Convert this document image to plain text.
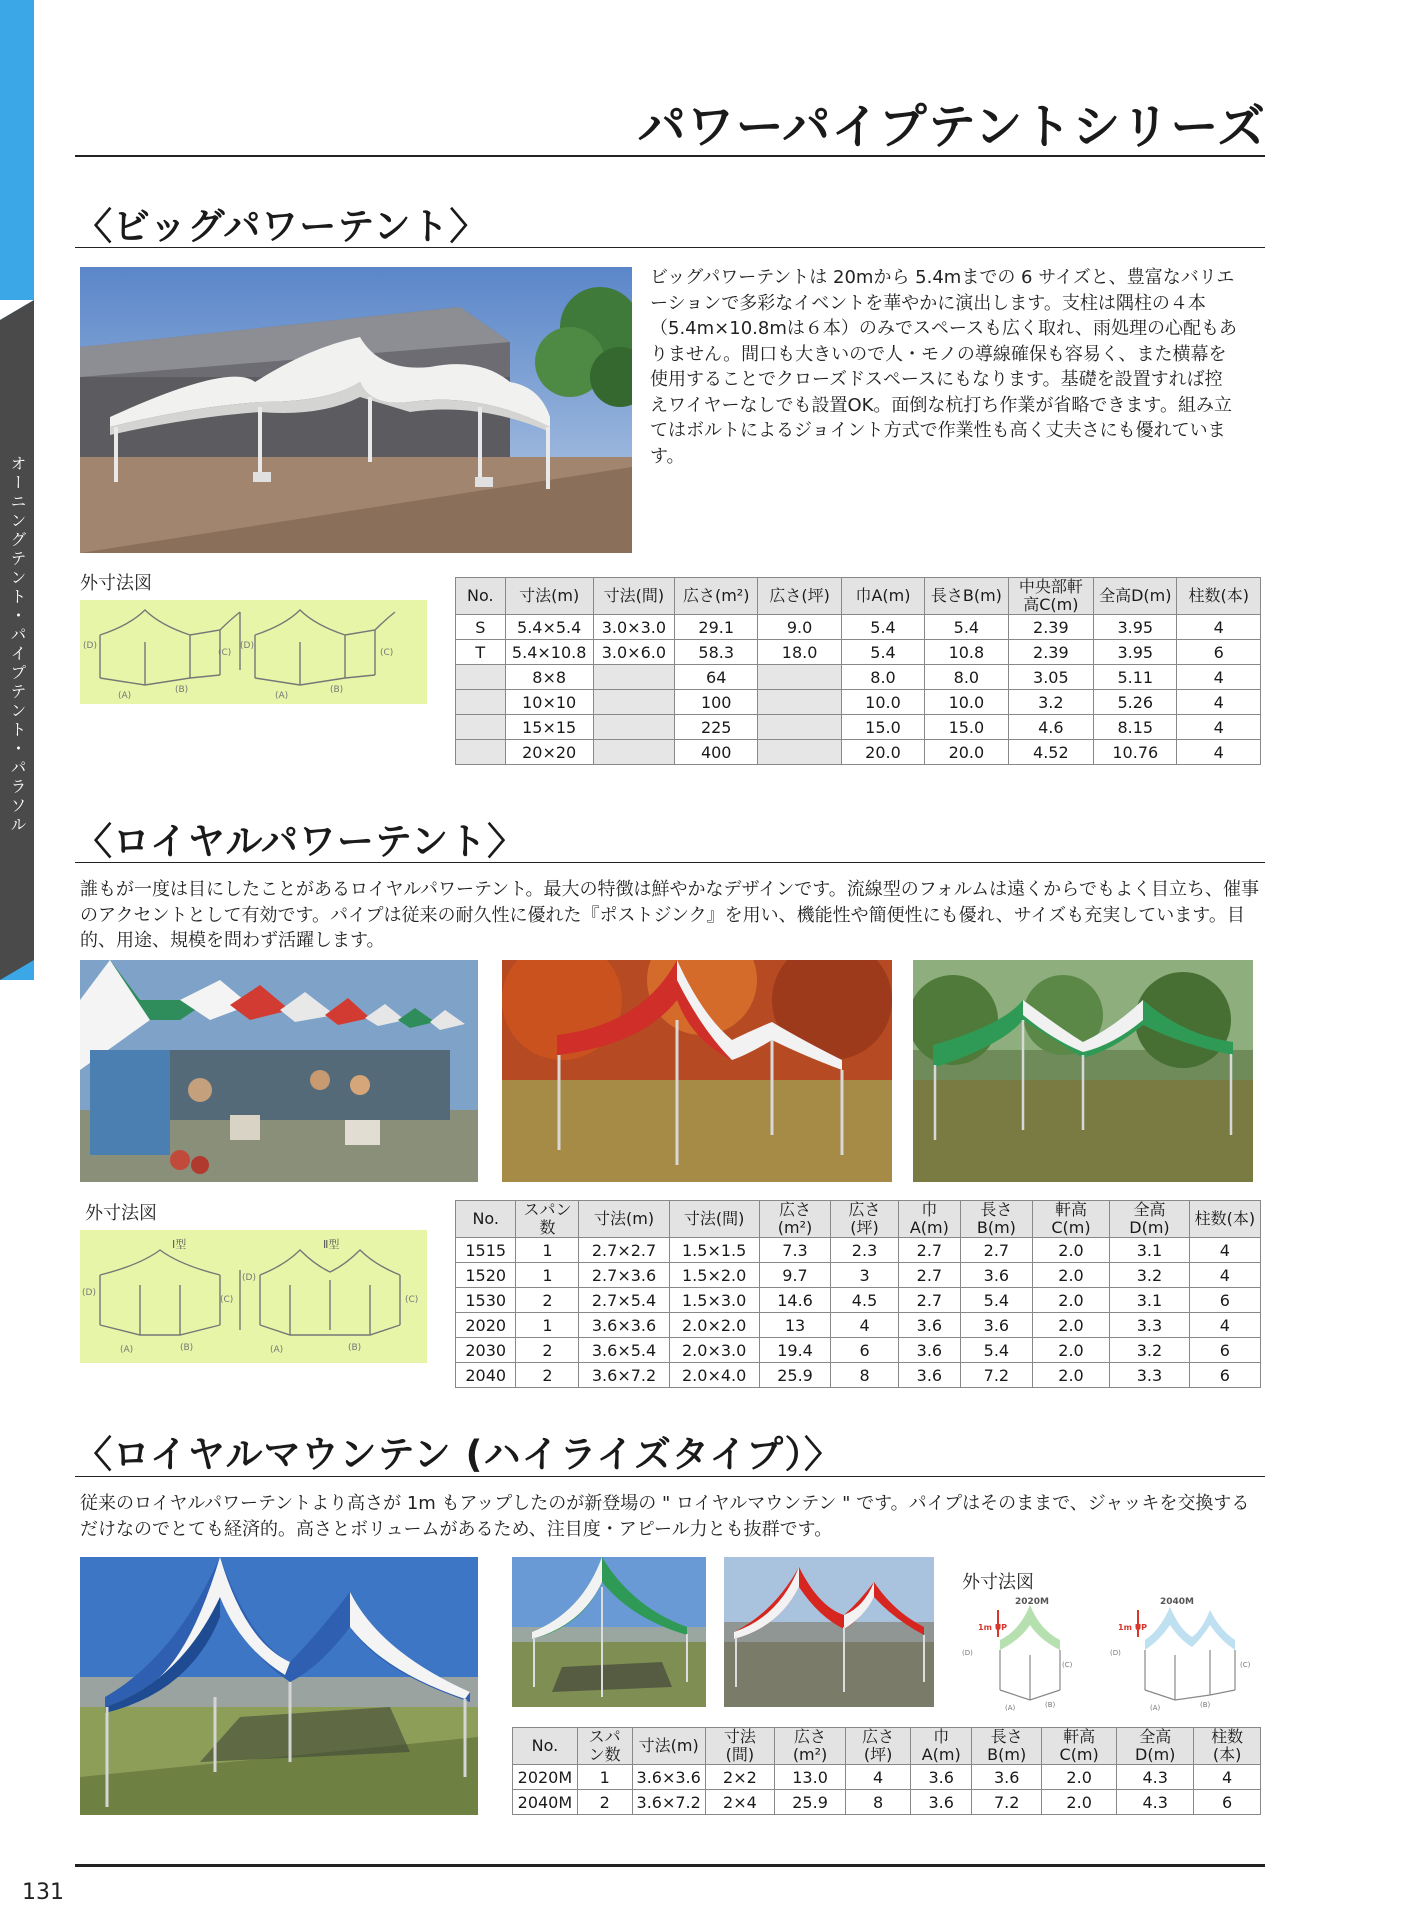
オーニングテント・パイプテント・パラソル
パワーパイプテントシリーズ
〈ビッグパワーテント〉
ビッグパワーテントは 20mから 5.4mまでの 6 サイズと、豊富なバリエーションで多彩なイベントを華やかに演出します。支柱は隅柱の４本（5.4m×10.8mは６本）のみでスペースも広く取れ、雨処理の心配もありません。間口も大きいので人・モノの導線確保も容易く、また横幕を使用することでクローズドスペースにもなります。基礎を設置すれば控えワイヤーなしでも設置OK。面倒な杭打ち作業が省略できます。組み立てはボルトによるジョイント方式で作業性も高く丈夫さにも優れています。
外寸法図
(D)
(C)
(A)
(B)
(D)
(C)
(A)
(B)
No.	寸法(m)	寸法(間)	広さ(m²)	広さ(坪)	巾A(m)	長さB(m)	中央部軒高C(m)	全高D(m)	柱数(本)
S	5.4×5.4	3.0×3.0	29.1	9.0	5.4	5.4	2.39	3.95	4
T	5.4×10.8	3.0×6.0	58.3	18.0	5.4	10.8	2.39	3.95	6
	8×8		64		8.0	8.0	3.05	5.11	4
	10×10		100		10.0	10.0	3.2	5.26	4
	15×15		225		15.0	15.0	4.6	8.15	4
	20×20		400		20.0	20.0	4.52	10.76	4
〈ロイヤルパワーテント〉
誰もが一度は目にしたことがあるロイヤルパワーテント。最大の特徴は鮮やかなデザインです。流線型のフォルムは遠くからでもよく目立ち、催事のアクセントとして有効です。パイプは従来の耐久性に優れた『ポストジンク』を用い、機能性や簡便性にも優れ、サイズも充実しています。目的、用途、規模を問わず活躍します。
外寸法図
Ⅰ型	Ⅱ型
(D)
(C)
(A)	(B)
(D)
(C)
(A)	(B)
No.	スパン数	寸法(m)	寸法(間)	広さ(m²)	広さ(坪)	巾A(m)	長さB(m)	軒高C(m)	全高D(m)	柱数(本)
1515	1	2.7×2.7	1.5×1.5	7.3	2.3	2.7	2.7	2.0	3.1	4
1520	1	2.7×3.6	1.5×2.0	9.7	3	2.7	3.6	2.0	3.2	4
1530	2	2.7×5.4	1.5×3.0	14.6	4.5	2.7	5.4	2.0	3.1	6
2020	1	3.6×3.6	2.0×2.0	13	4	3.6	3.6	2.0	3.3	4
2030	2	3.6×5.4	2.0×3.0	19.4	6	3.6	5.4	2.0	3.2	6
2040	2	3.6×7.2	2.0×4.0	25.9	8	3.6	7.2	2.0	3.3	6
〈ロイヤルマウンテン (ハイライズタイプ）〉
従来のロイヤルパワーテントより高さが 1m もアップしたのが新登場の " ロイヤルマウンテン " です。パイプはそのままで、ジャッキを交換するだけなのでとても経済的。高さとボリュームがあるため、注目度・アピール力とも抜群です。
外寸法図
2020M	2040M
1m UP	1m UP
(D)
(C)
(A)	(B)
(D)
(C)
(A)	(B)
No.	スパン数	寸法(m)	寸法(間)	広さ(m²)	広さ(坪)	巾A(m)	長さB(m)	軒高C(m)	全高D(m)	柱数(本)
2020M	1	3.6×3.6	2×2	13.0	4	3.6	3.6	2.0	4.3	4
2040M	2	3.6×7.2	2×4	25.9	8	3.6	7.2	2.0	4.3	6
131
